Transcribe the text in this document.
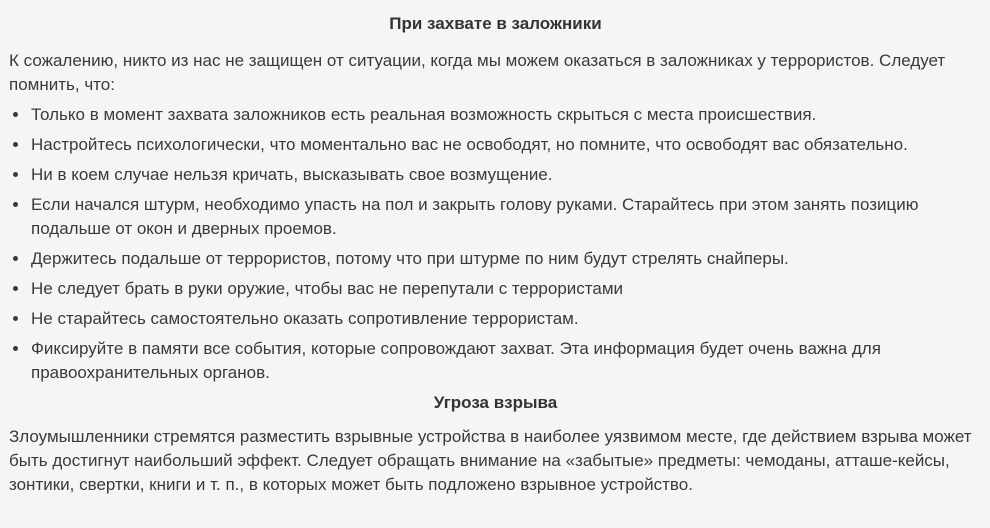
При захвате в заложники

К сожалению, никто из нас не защищен от ситуации, когда мы можем оказаться в заложниках у террористов. Следует помнить, что:

• Только в момент захвата заложников есть реальная возможность скрыться с места происшествия.
• Настройтесь психологически, что моментально вас не освободят, но помните, что освободят вас обязательно.
• Ни в коем случае нельзя кричать, высказывать свое возмущение.
• Если начался штурм, необходимо упасть на пол и закрыть голову руками. Старайтесь при этом занять позицию подальше от окон и дверных проемов.
• Держитесь подальше от террористов, потому что при штурме по ним будут стрелять снайперы.
• Не следует брать в руки оружие, чтобы вас не перепутали с террористами
• Не старайтесь самостоятельно оказать сопротивление террористам.
• Фиксируйте в памяти все события, которые сопровождают захват. Эта информация будет очень важна для правоохранительных органов.
Угроза взрыва

Злоумышленники стремятся разместить взрывные устройства в наиболее уязвимом месте, где действием взрыва может быть достигнут наибольший эффект. Следует обращать внимание на «забытые» предметы: чемоданы, атташе-кейсы, зонтики, свертки, книги и т. п., в которых может быть подложено взрывное устройство.
